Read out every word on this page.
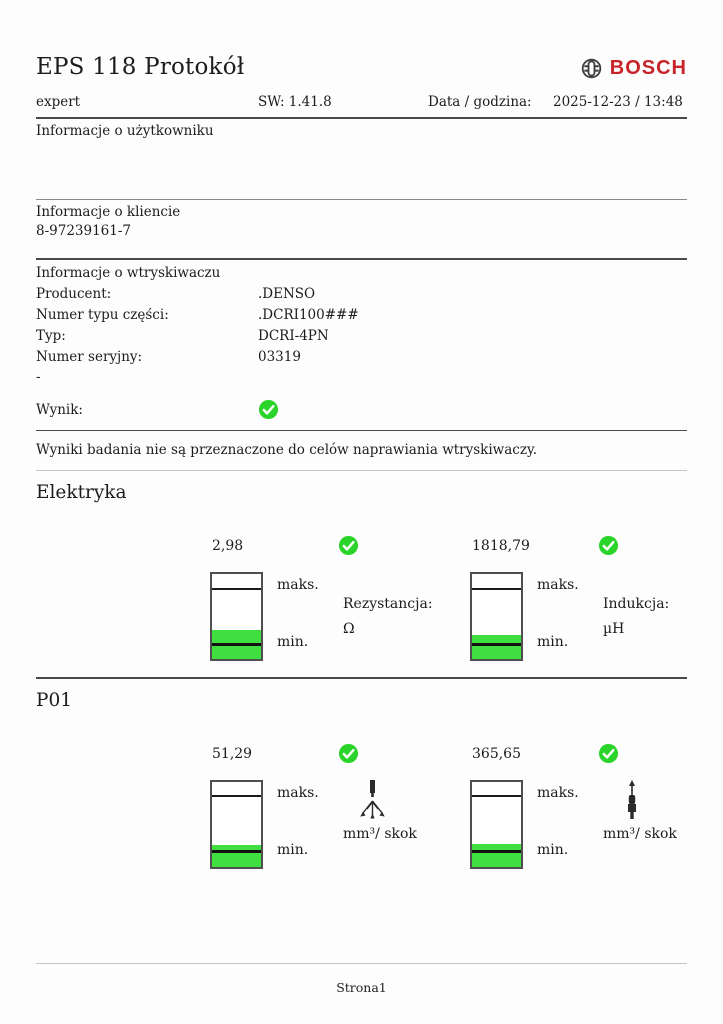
EPS 118 Protokół	BOSCH
expert	SW: 1.41.8	Data / godzina: 2025-12-23 / 13:48
Informacje o użytkowniku
Informacje o kliencie
8-97239161-7
Informacje o wtryskiwaczu
Producent:	.DENSO
Numer typu części:	.DCRI100###
Typ:	DCRI-4PN
Numer seryjny:	03319
-
Wynik:
Wyniki badania nie są przeznaczone do celów naprawiania wtryskiwaczy.
Elektryka
2,98
maks.
min.
Rezystancja:
Ω
1818,79
maks.
min.
Indukcja:
µH
P01
51,29
maks.
min.
mm³/ skok
365,65
maks.
min.
mm³/ skok
Strona1
